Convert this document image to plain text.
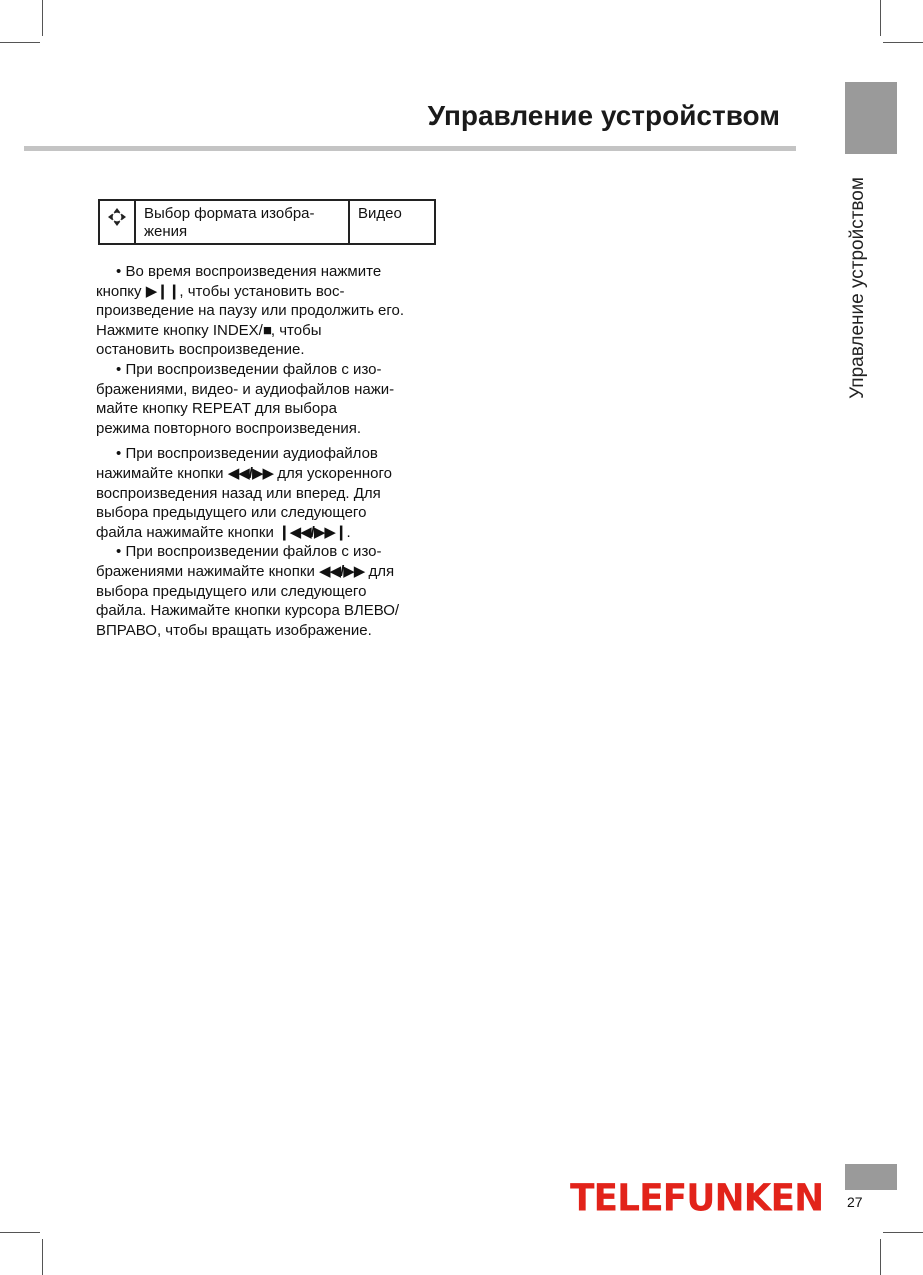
Управление устройством
Управление устройством
	Выбор формата изобра-
жения	Видео

• Во время воспроизведения нажмите
кнопку ▶❙❙, чтобы установить вос-
произведение на паузу или продолжить его.
Нажмите кнопку INDEX/■, чтобы
остановить воспроизведение.

• При воспроизведении файлов с изо-
бражениями, видео- и аудиофайлов нажи-
майте кнопку REPEAT для выбора
режима повторного воспроизведения.

• При воспроизведении аудиофайлов
нажимайте кнопки ◀◀/▶▶ для ускоренного
воспроизведения назад или вперед. Для
выбора предыдущего или следующего
файла нажимайте кнопки ❙◀◀/▶▶❙.

• При воспроизведении файлов с изо-
бражениями нажимайте кнопки ◀◀/▶▶ для
выбора предыдущего или следующего
файла. Нажимайте кнопки курсора ВЛЕВО/
ВПРАВО, чтобы вращать изображение.

TELEFUNKEN 27
